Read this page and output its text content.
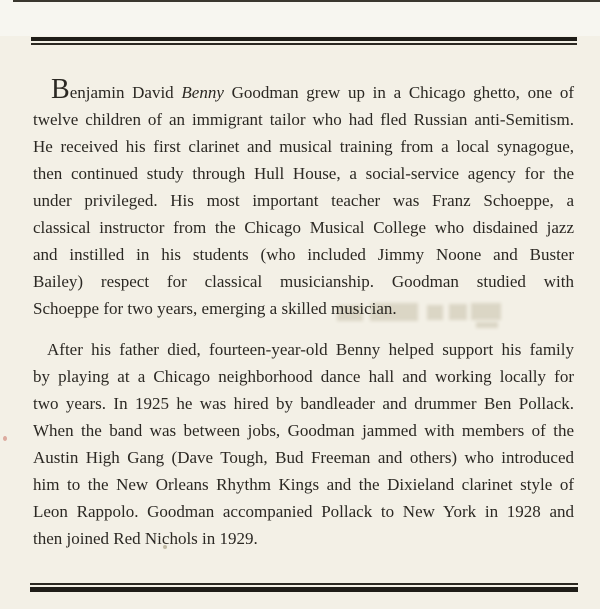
Benjamin David Benny Goodman grew up in a Chicago ghetto, one of
twelve children of an immigrant tailor who had fled Russian anti-Semitism.
He received his first clarinet and musical training from a local synagogue,
then continued study through Hull House, a social-service agency for the
under privileged. His most important teacher was Franz Schoeppe, a
classical instructor from the Chicago Musical College who disdained jazz
and instilled in his students (who included Jimmy Noone and Buster
Bailey) respect for classical musicianship. Goodman studied with
Schoeppe for two years, emerging a skilled musician.
After his father died, fourteen-year-old Benny helped support his family
by playing at a Chicago neighborhood dance hall and working locally for
two years. In 1925 he was hired by bandleader and drummer Ben Pollack.
When the band was between jobs, Goodman jammed with members of the
Austin High Gang (Dave Tough, Bud Freeman and others) who introduced
him to the New Orleans Rhythm Kings and the Dixieland clarinet style of
Leon Rappolo. Goodman accompanied Pollack to New York in 1928 and
then joined Red Nichols in 1929.
